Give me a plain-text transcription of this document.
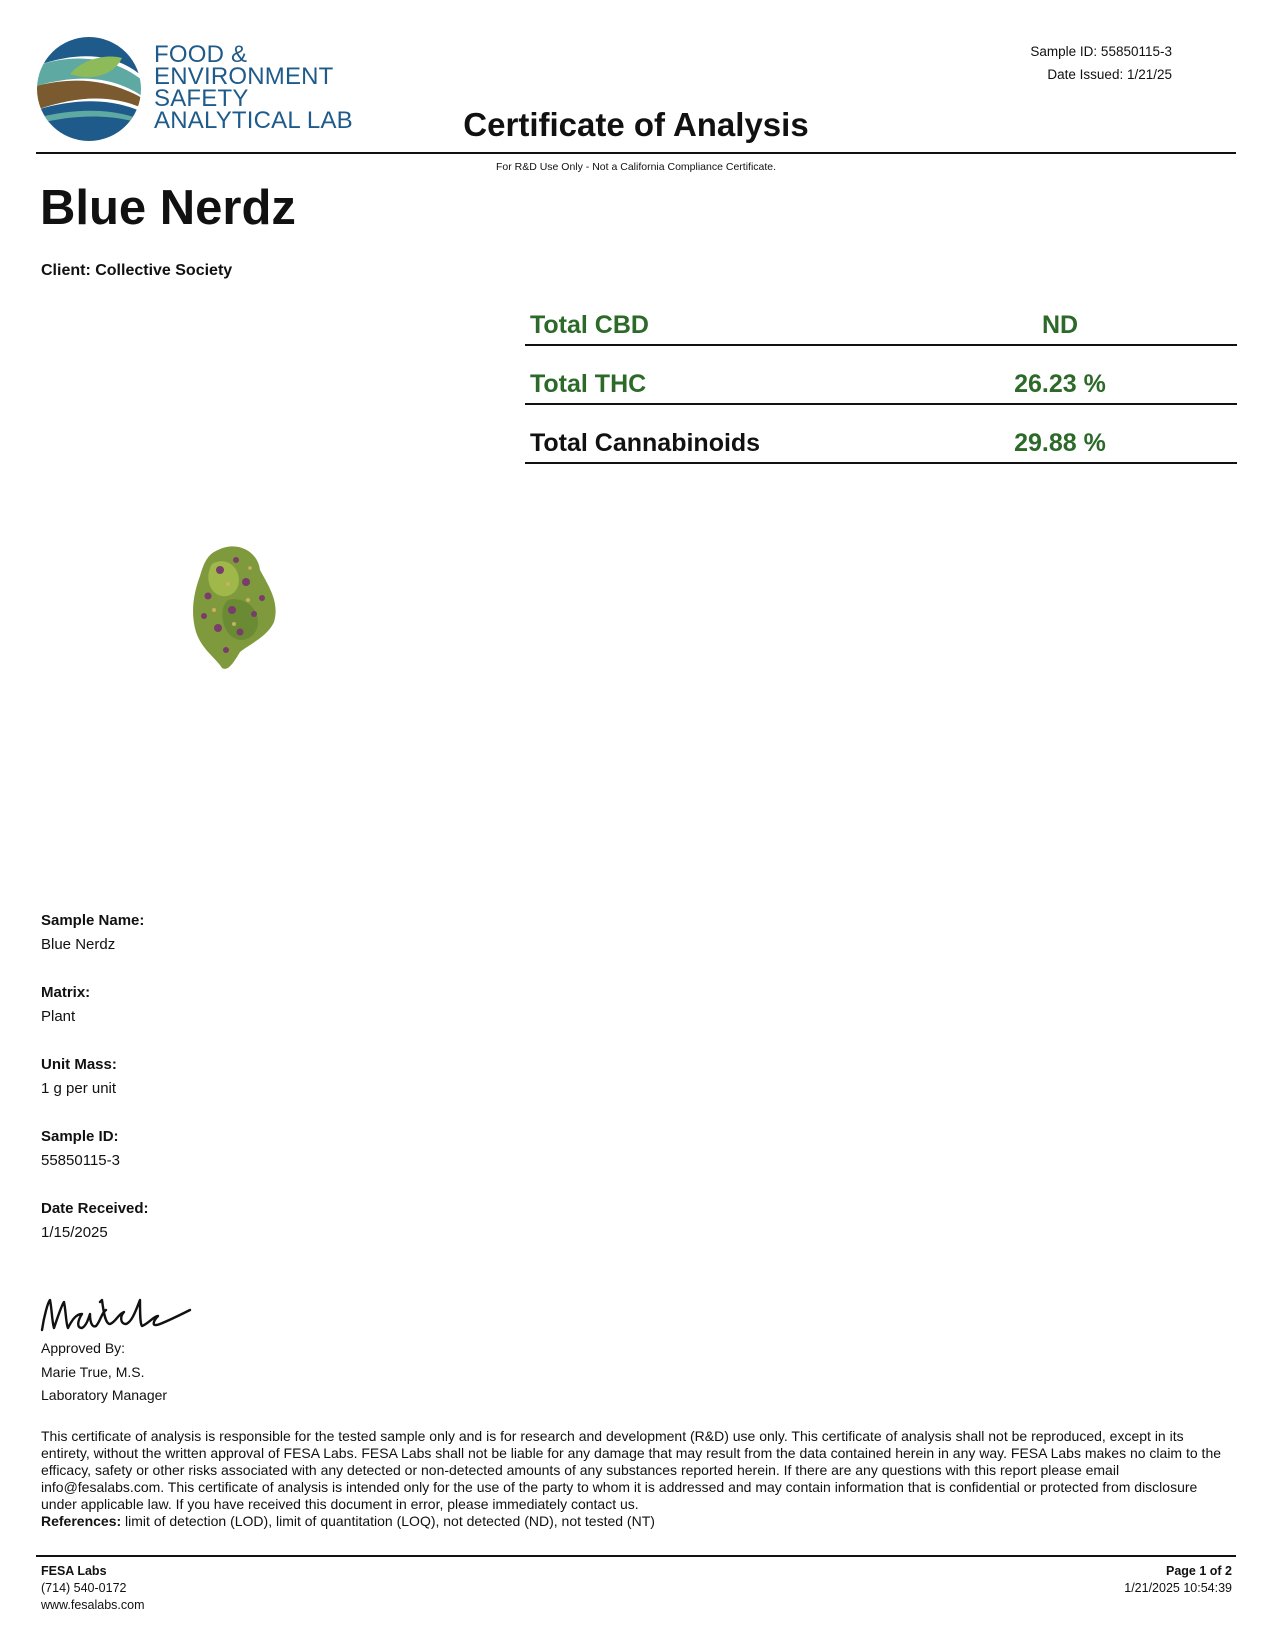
FOOD &
ENVIRONMENT
SAFETY
ANALYTICAL LAB
Sample ID: 55850115-3
Date Issued: 1/21/25
Certificate of Analysis
For R&D Use Only - Not a California Compliance Certificate.
Blue Nerdz
Client: Collective Society
Total CBD	ND
Total THC	26.23 %
Total Cannabinoids	29.88 %
Sample Name:
Blue Nerdz
Matrix:
Plant
Unit Mass:
1 g per unit
Sample ID:
55850115-3
Date Received:
1/15/2025
Approved By:
Marie True, M.S.
Laboratory Manager
This certificate of analysis is responsible for the tested sample only and is for research and development (R&D) use only. This certificate of analysis shall not be reproduced, except in its entirety, without the written approval of FESA Labs. FESA Labs shall not be liable for any damage that may result from the data contained herein in any way. FESA Labs makes no claim to the efficacy, safety or other risks associated with any detected or non-detected amounts of any substances reported herein. If there are any questions with this report please email info@fesalabs.com. This certificate of analysis is intended only for the use of the party to whom it is addressed and may contain information that is confidential or protected from disclosure under applicable law. If you have received this document in error, please immediately contact us.
References: limit of detection (LOD), limit of quantitation (LOQ), not detected (ND), not tested (NT)
FESA Labs
(714) 540-0172
www.fesalabs.com
Page 1 of 2
1/21/2025 10:54:39
